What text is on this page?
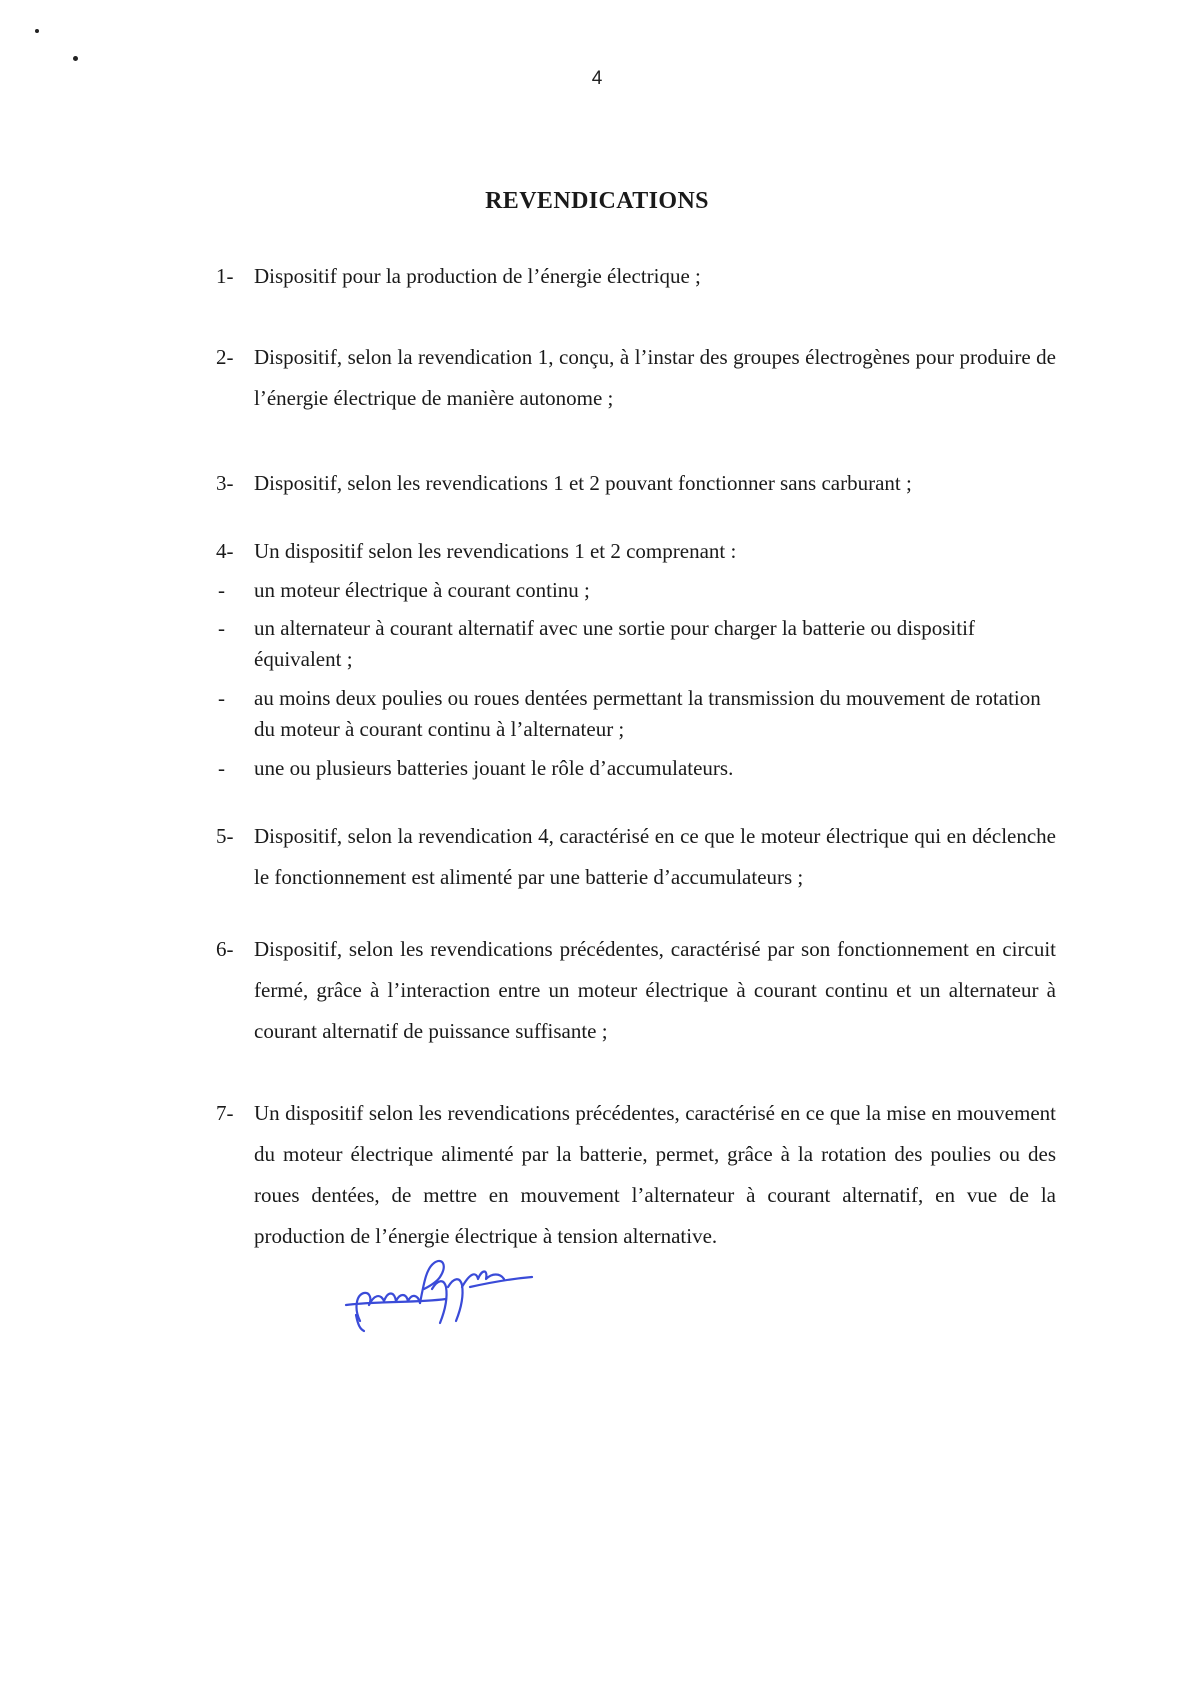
4
REVENDICATIONS
1- Dispositif pour la production de l’énergie électrique ;
2- Dispositif, selon la revendication 1, conçu, à l’instar des groupes électrogènes pour produire de l’énergie électrique de manière autonome ;
3- Dispositif, selon les revendications 1 et 2 pouvant fonctionner sans carburant ;
4- Un dispositif selon les revendications 1 et 2 comprenant :
-	un moteur électrique à courant continu ;
-	un alternateur à courant alternatif avec une sortie pour charger la batterie ou dispositif équivalent ;
-	au moins deux poulies ou roues dentées permettant la transmission du mouvement de rotation du moteur à courant continu à l’alternateur ;
-	une ou plusieurs batteries jouant le rôle d’accumulateurs.
5- Dispositif, selon la revendication 4, caractérisé en ce que le moteur électrique qui en déclenche le fonctionnement est alimenté par une batterie d’accumulateurs ;
6- Dispositif, selon les revendications précédentes, caractérisé par son fonctionnement en circuit fermé, grâce à l’interaction entre un moteur électrique à courant continu et un alternateur à courant alternatif de puissance suffisante ;
7- Un dispositif selon les revendications précédentes, caractérisé en ce que la mise en mouvement du moteur électrique alimenté par la batterie, permet, grâce à la rotation des poulies ou des roues dentées, de mettre en mouvement l’alternateur à courant alternatif, en vue de la production de l’énergie électrique à tension alternative.
